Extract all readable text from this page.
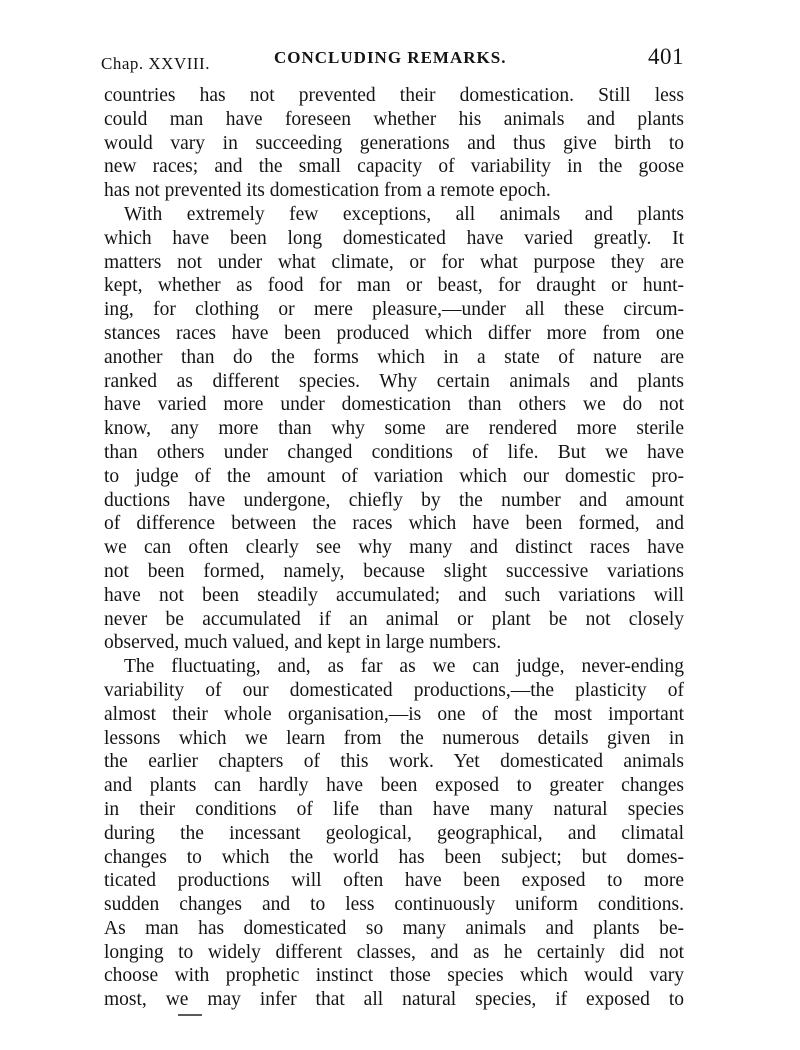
Chap. XXVIII.	CONCLUDING REMARKS.	401
countries has not prevented their domestication. Still less
could man have foreseen whether his animals and plants
would vary in succeeding generations and thus give birth to
new races; and the small capacity of variability in the goose
has not prevented its domestication from a remote epoch.
With extremely few exceptions, all animals and plants
which have been long domesticated have varied greatly. It
matters not under what climate, or for what purpose they are
kept, whether as food for man or beast, for draught or hunt-
ing, for clothing or mere pleasure,—under all these circum-
stances races have been produced which differ more from one
another than do the forms which in a state of nature are
ranked as different species. Why certain animals and plants
have varied more under domestication than others we do not
know, any more than why some are rendered more sterile
than others under changed conditions of life. But we have
to judge of the amount of variation which our domestic pro-
ductions have undergone, chiefly by the number and amount
of difference between the races which have been formed, and
we can often clearly see why many and distinct races have
not been formed, namely, because slight successive variations
have not been steadily accumulated; and such variations will
never be accumulated if an animal or plant be not closely
observed, much valued, and kept in large numbers.
The fluctuating, and, as far as we can judge, never-ending
variability of our domesticated productions,—the plasticity of
almost their whole organisation,—is one of the most important
lessons which we learn from the numerous details given in
the earlier chapters of this work. Yet domesticated animals
and plants can hardly have been exposed to greater changes
in their conditions of life than have many natural species
during the incessant geological, geographical, and climatal
changes to which the world has been subject; but domes-
ticated productions will often have been exposed to more
sudden changes and to less continuously uniform conditions.
As man has domesticated so many animals and plants be-
longing to widely different classes, and as he certainly did not
choose with prophetic instinct those species which would vary
most, we may infer that all natural species, if exposed to
